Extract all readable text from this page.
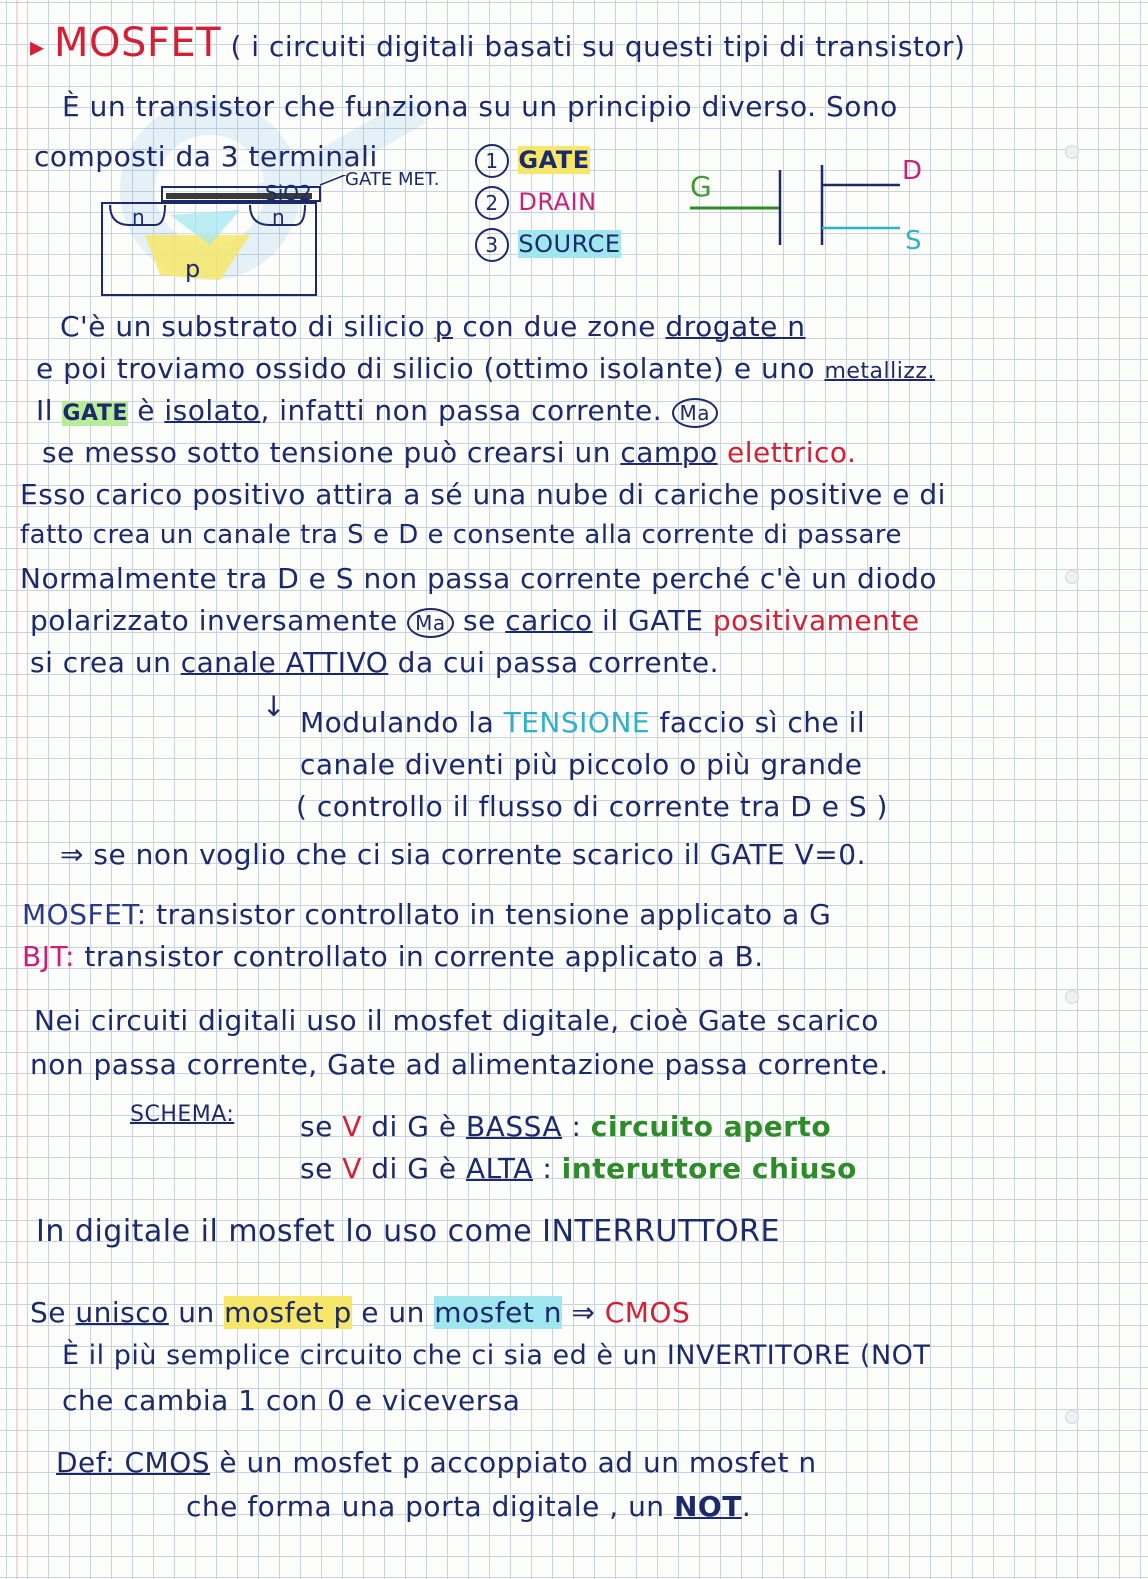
▸ MOSFET ( i circuiti digitali basati su questi tipi di transistor)
È un transistor che funziona su un principio diverso. Sono
composti da 3 terminali	1 GATE
2 DRAIN
3 SOURCE
n	n
p
SiO2
GATE MET.	G	D
S
C'è un substrato di silicio p con due zone drogate n
e poi troviamo ossido di silicio (ottimo isolante) e uno metallizz.
Il GATE è isolato, infatti non passa corrente. Ma
se messo sotto tensione può crearsi un campo elettrico.
Esso carico positivo attira a sé una nube di cariche positive e di
fatto crea un canale tra S e D e consente alla corrente di passare
Normalmente tra D e S non passa corrente perché c'è un diodo
polarizzato inversamente Ma se carico il GATE positivamente
si crea un canale ATTIVO da cui passa corrente.
↓ Modulando la TENSIONE faccio sì che il
canale diventi più piccolo o più grande
( controllo il flusso di corrente tra D e S )
⇒ se non voglio che ci sia corrente scarico il GATE V=0.
MOSFET: transistor controllato in tensione applicato a G
BJT: transistor controllato in corrente applicato a B.
Nei circuiti digitali uso il mosfet digitale, cioè Gate scarico
non passa corrente, Gate ad alimentazione passa corrente.
SCHEMA: se V di G è BASSA : circuito aperto
se V di G è ALTA : interuttore chiuso
In digitale il mosfet lo uso come INTERRUTTORE
Se unisco un mosfet p e un mosfet n ⇒ CMOS
È il più semplice circuito che ci sia ed è un INVERTITORE (NOT
che cambia 1 con 0 e viceversa
Def: CMOS è un mosfet p accoppiato ad un mosfet n
che forma una porta digitale , un NOT.
